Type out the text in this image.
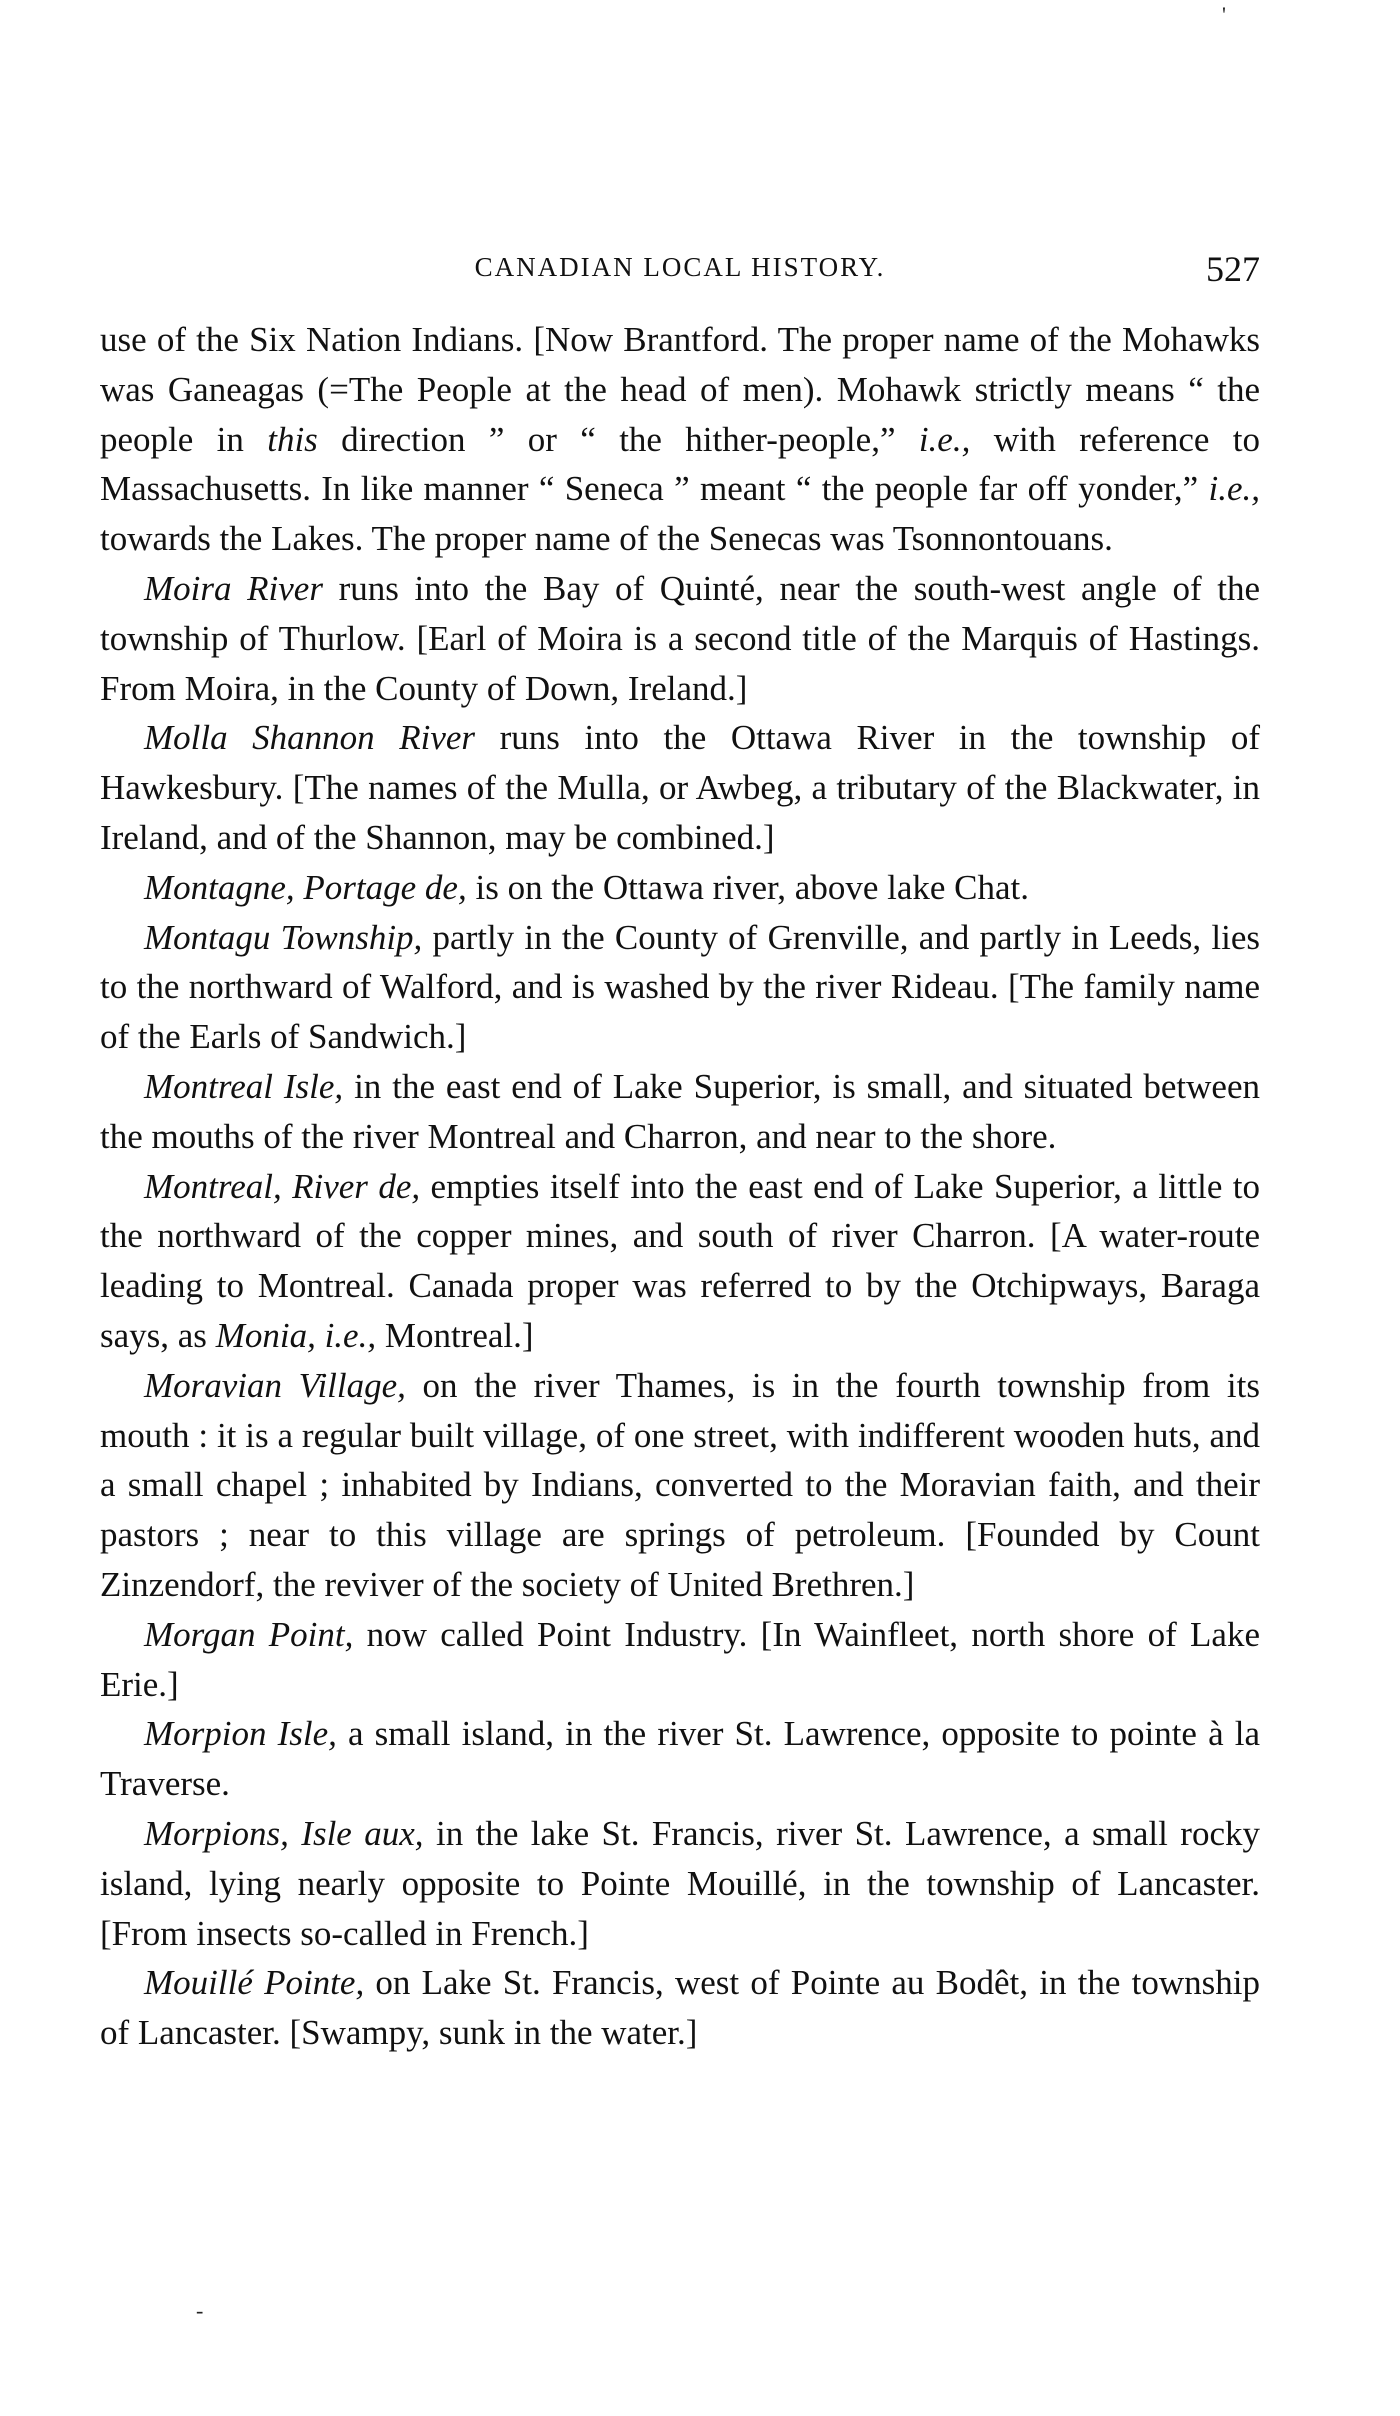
'
CANADIAN LOCAL HISTORY.	527

use of the Six Nation Indians. [Now Brantford. The proper name of the Mohawks was Ganeagas (=The People at the head of men). Mohawk strictly means “ the people in this direction ” or “ the hither-people,” i.e., with reference to Massachusetts. In like manner “ Seneca ” meant “ the people far off yonder,” i.e., towards the Lakes. The proper name of the Senecas was Tsonnontouans.

Moira River runs into the Bay of Quinté, near the south-west angle of the township of Thurlow. [Earl of Moira is a second title of the Marquis of Hastings. From Moira, in the County of Down, Ireland.]

Molla Shannon River runs into the Ottawa River in the township of Hawkesbury. [The names of the Mulla, or Awbeg, a tributary of the Blackwater, in Ireland, and of the Shannon, may be combined.]

Montagne, Portage de, is on the Ottawa river, above lake Chat.

Montagu Township, partly in the County of Grenville, and partly in Leeds, lies to the northward of Walford, and is washed by the river Rideau. [The family name of the Earls of Sandwich.]

Montreal Isle, in the east end of Lake Superior, is small, and situated between the mouths of the river Montreal and Charron, and near to the shore.

Montreal, River de, empties itself into the east end of Lake Superior, a little to the northward of the copper mines, and south of river Charron. [A water-route leading to Montreal. Canada proper was referred to by the Otchipways, Baraga says, as Monia, i.e., Montreal.]

Moravian Village, on the river Thames, is in the fourth township from its mouth : it is a regular built village, of one street, with indifferent wooden huts, and a small chapel ; inhabited by Indians, converted to the Moravian faith, and their pastors ; near to this village are springs of petroleum. [Founded by Count Zinzendorf, the reviver of the society of United Brethren.]

Morgan Point, now called Point Industry. [In Wainfleet, north shore of Lake Erie.]

Morpion Isle, a small island, in the river St. Lawrence, opposite to pointe à la Traverse.

Morpions, Isle aux, in the lake St. Francis, river St. Lawrence, a small rocky island, lying nearly opposite to Pointe Mouillé, in the township of Lancaster. [From insects so-called in French.]

Mouillé Pointe, on Lake St. Francis, west of Pointe au Bodêt, in the township of Lancaster. [Swampy, sunk in the water.]

-
